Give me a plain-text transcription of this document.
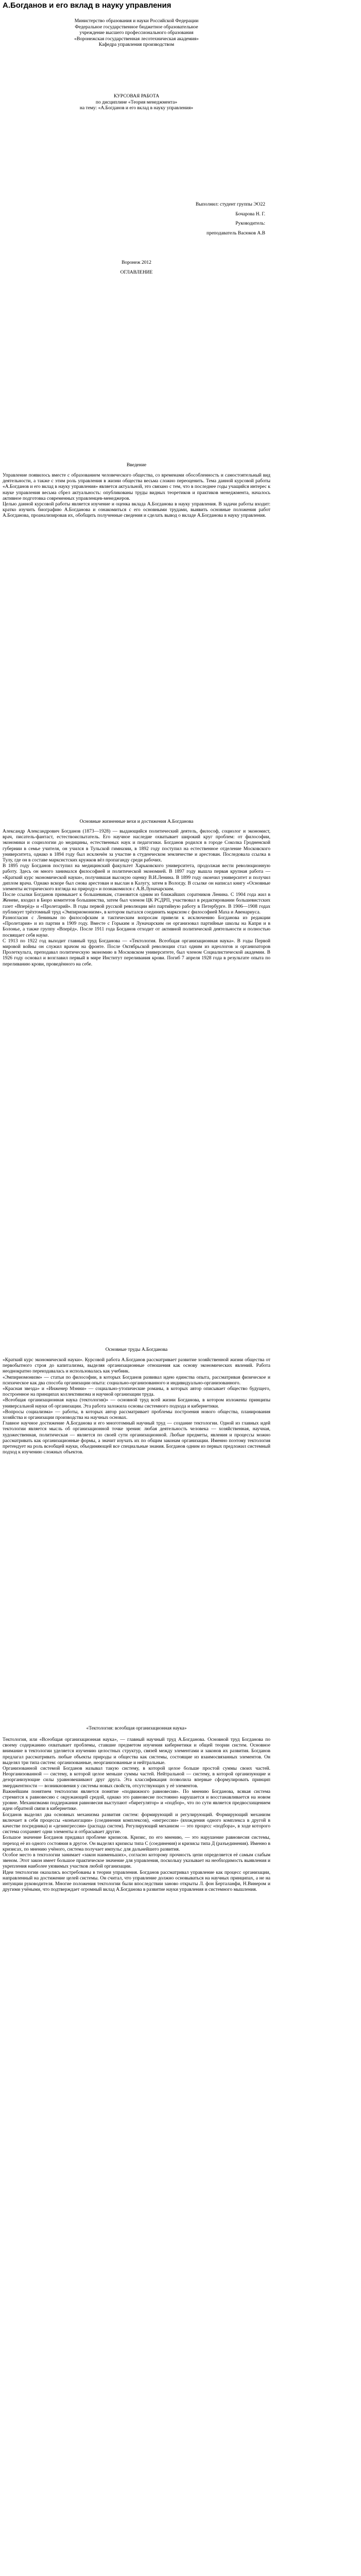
А.Богданов и его вклад в науку управления
Министерство образования и науки Российской Федерации
Федеральное государственное бюджетное образовательное
учреждение высшего профессионального образования
«Воронежская государственная лесотехническая академия»
Кафедра управления производством
КУРСОВАЯ РАБОТА
по дисциплине «Теория менеджмента»
на тему: «А.Богданов и его вклад в науку управления»
Выполнил: студент группы ЭО22
Бочарова Н. Г.
Руководитель:
преподаватель Васюков А.В
Воронеж 2012
ОГЛАВЛЕНИЕ
Введение

Управление появилось вместе с образованием человеческого общества, со временами обособленность и самостоятельный вид деятельности, а также с этим роль управления в жизни общества весьма сложно переоценить. Тема данной курсовой работы «А.Богданов и его вклад в науку управления» является актуальной, это связано с тем, что в последнее годы учащийся интерес к науке управления весьма сбрел актуальность: опубликованы труды видных теоретиков и практиков менеджмента, началось активное подготовка современных управленцев-менеджеров.

Целью данной курсовой работы является изучение и оценка вклада А.Богданова в науку управления. В задачи работы входит: кратко изучить биографию А.Богданова и ознакомиться с его основными трудами, выявить основные положения работ А.Богданова, проанализировав их, обобщить полученные сведения и сделать вывод о вкладе А.Богданова в науку управления.

Основные жизненные вехи и достижения А.Богданова

Александр Александрович Богданов (1873—1928) — выдающийся политический деятель, философ, социолог и экономист, врач, писатель-фантаст, естествоиспытатель. Его научное наследие охватывает широкий круг проблем: от философии, экономики и социологии до медицины, естественных наук и педагогики. Богданов родился в городе Соколка Гродненской губернии в семье учителя, он учился в Тульской гимназии, в 1892 году поступил на естественное отделение Московского университета, однако в 1894 году был исключён за участие в студенческом землячестве и арестован. Последовала ссылка в Тулу, где он в составе марксистских кружков вёл пропаганду среди рабочих.

В 1895 году Богданов поступил на медицинский факультет Харьковского университета, продолжая вести революционную работу. Здесь он много занимался философией и политической экономией. В 1897 году вышла первая крупная работа — «Краткий курс экономической науки», получившая высокую оценку В.И.Ленина. В 1899 году окончил университет и получил диплом врача. Однако вскоре был снова арестован и выслан в Калугу, затем в Вологду. В ссылке он написал книгу «Основные элементы исторического взгляда на природу» и познакомился с А.В.Луначарским.

После ссылки Богданов примыкает к большевикам, становится одним из ближайших соратников Ленина. С 1904 года жил в Женеве, входил в Бюро комитетов большинства, затем был членом ЦК РСДРП, участвовал в редактировании большевистских газет «Вперёд» и «Пролетарий». В годы первой русской революции вёл партийную работу в Петербурге. В 1906—1908 годах публикует трёхтомный труд «Эмпириомонизм», в котором пытался соединить марксизм с философией Маха и Авенариуса.

Разногласия с Лениным по философским и тактическим вопросам привели к исключению Богданова из редакции «Пролетария» и из партии в 1909 году. Вместе с Горьким и Луначарским он организовал партийные школы на Капри и в Болонье, а также группу «Вперёд». После 1911 года Богданов отходит от активной политической деятельности и полностью посвящает себя науке.

С 1913 по 1922 год выходит главный труд Богданова — «Тектология. Всеобщая организационная наука». В годы Первой мировой войны он служил врачом на фронте. После Октябрьской революции стал одним из идеологов и организаторов Пролеткульта, преподавал политическую экономию в Московском университете, был членом Социалистической академии. В 1926 году основал и возглавил первый в мире Институт переливания крови. Погиб 7 апреля 1928 года в результате опыта по переливанию крови, проведённого на себе.

Основные труды А.Богданова

«Краткий курс экономической науки». Курсовой работа А.Богданов рассматривает развитие хозяйственной жизни общества от первобытного строя до капитализма, выделяя организационные отношения как основу экономических явлений. Работа неоднократно переиздавалась и использовалась как учебник.

«Эмпириомонизм» — статьи по философии, в которых Богданов развивал идею единства опыта, рассматривая физическое и психическое как два способа организации опыта: социально-организованного и индивидуально-организованного.

«Красная звезда» и «Инженер Мэнни» — социально-утопические романы, в которых автор описывает общество будущего, построенное на принципах коллективизма и научной организации труда.

«Всеобщая организационная наука (тектология)» — основной труд всей жизни Богданова, в котором изложены принципы универсальной науки об организации. Эта работа заложила основы системного подхода и кибернетики.

«Вопросы социализма» — работы, в которых автор рассматривает проблемы построения нового общества, планирования хозяйства и организации производства на научных основах.

Главное научное достижение А.Богданова и его многотомный научный труд — создание тектологии. Одной из главных идей тектологии является мысль об организационной точке зрения: любая деятельность человека — хозяйственная, научная, художественная, политическая — является по своей сути организационной. Любые предметы, явления и процессы можно рассматривать как организационные формы, а значит изучать их по общим законам организации. Именно поэтому тектология претендует на роль всеобщей науки, объединяющей все специальные знания. Богданов одним из первых предложил системный подход к изучению сложных объектов.

«Тектология: всеобщая организационная наука»

Тектология, или «Всеобщая организационная наука», — главный научный труд А.Богданова. Основной труд Богданова по своему содержанию охватывает проблемы, ставшие предметом изучения кибернетики и общей теории систем. Основное внимание в тектологии уделяется изучению целостных структур, связей между элементами и законов их развития. Богданов предлагал рассматривать любые объекты природы и общества как системы, состоящие из взаимосвязанных элементов. Он выделял три типа систем: организованные, неорганизованные и нейтральные.

Организованной системой Богданов называл такую систему, в которой целое больше простой суммы своих частей. Неорганизованной — систему, в которой целое меньше суммы частей. Нейтральной — систему, в которой организующие и дезорганизующие силы уравновешивают друг друга. Эта классификация позволила впервые сформулировать принцип эмерджентности — возникновения у системы новых свойств, отсутствующих у её элементов.

Важнейшим понятием тектологии является понятие «подвижного равновесия». По мнению Богданова, всякая система стремится к равновесию с окружающей средой, однако это равновесие постоянно нарушается и восстанавливается на новом уровне. Механизмами поддержания равновесия выступают «бирегулятор» и «подбор», что по сути является предвосхищением идеи обратной связи в кибернетике.

Богданов выделял два основных механизма развития систем: формирующий и регулирующий. Формирующий механизм включает в себя процессы «конъюгации» (соединения комплексов), «ингрессии» (вхождения одного комплекса в другой в качестве посредника) и «дезингрессии» (распада систем). Регулирующий механизм — это процесс «подбора», в ходе которого система сохраняет одни элементы и отбрасывает другие.

Большое значение Богданов придавал проблеме кризисов. Кризис, по его мнению, — это нарушение равновесия системы, переход её из одного состояния в другое. Он выделял кризисы типа С (соединения) и кризисы типа Д (разъединения). Именно в кризисах, по мнению учёного, система получает импульс для дальнейшего развития.

Особое место в тектологии занимает «закон наименьших», согласно которому прочность цепи определяется её самым слабым звеном. Этот закон имеет большое практическое значение для управления, поскольку указывает на необходимость выявления и укрепления наиболее уязвимых участков любой организации.

Идеи тектологии оказались востребованы в теории управления. Богданов рассматривал управление как процесс организации, направленный на достижение целей системы. Он считал, что управление должно основываться на научных принципах, а не на интуиции руководителя. Многие положения тектологии были впоследствии заново открыты Л. фон Берталанфи, Н.Винером и другими учёными, что подтверждает огромный вклад А.Богданова в развитие науки управления и системного мышления.
